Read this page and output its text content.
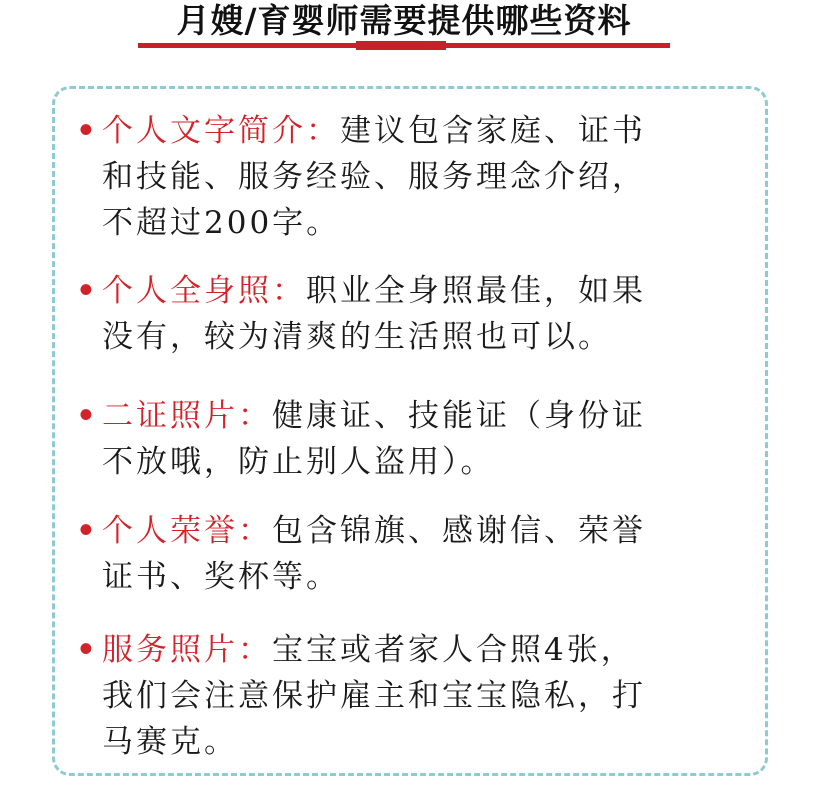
月嫂/育婴师需要提供哪些资料
• 个人文字简介：建议包含家庭、证书
和技能、服务经验、服务理念介绍，
不超过200字。
• 个人全身照：职业全身照最佳，如果
没有，较为清爽的生活照也可以。
• 二证照片：健康证、技能证（身份证
不放哦，防止别人盗用）。
• 个人荣誉：包含锦旗、感谢信、荣誉
证书、奖杯等。
• 服务照片：宝宝或者家人合照4张，
我们会注意保护雇主和宝宝隐私，打
马赛克。
